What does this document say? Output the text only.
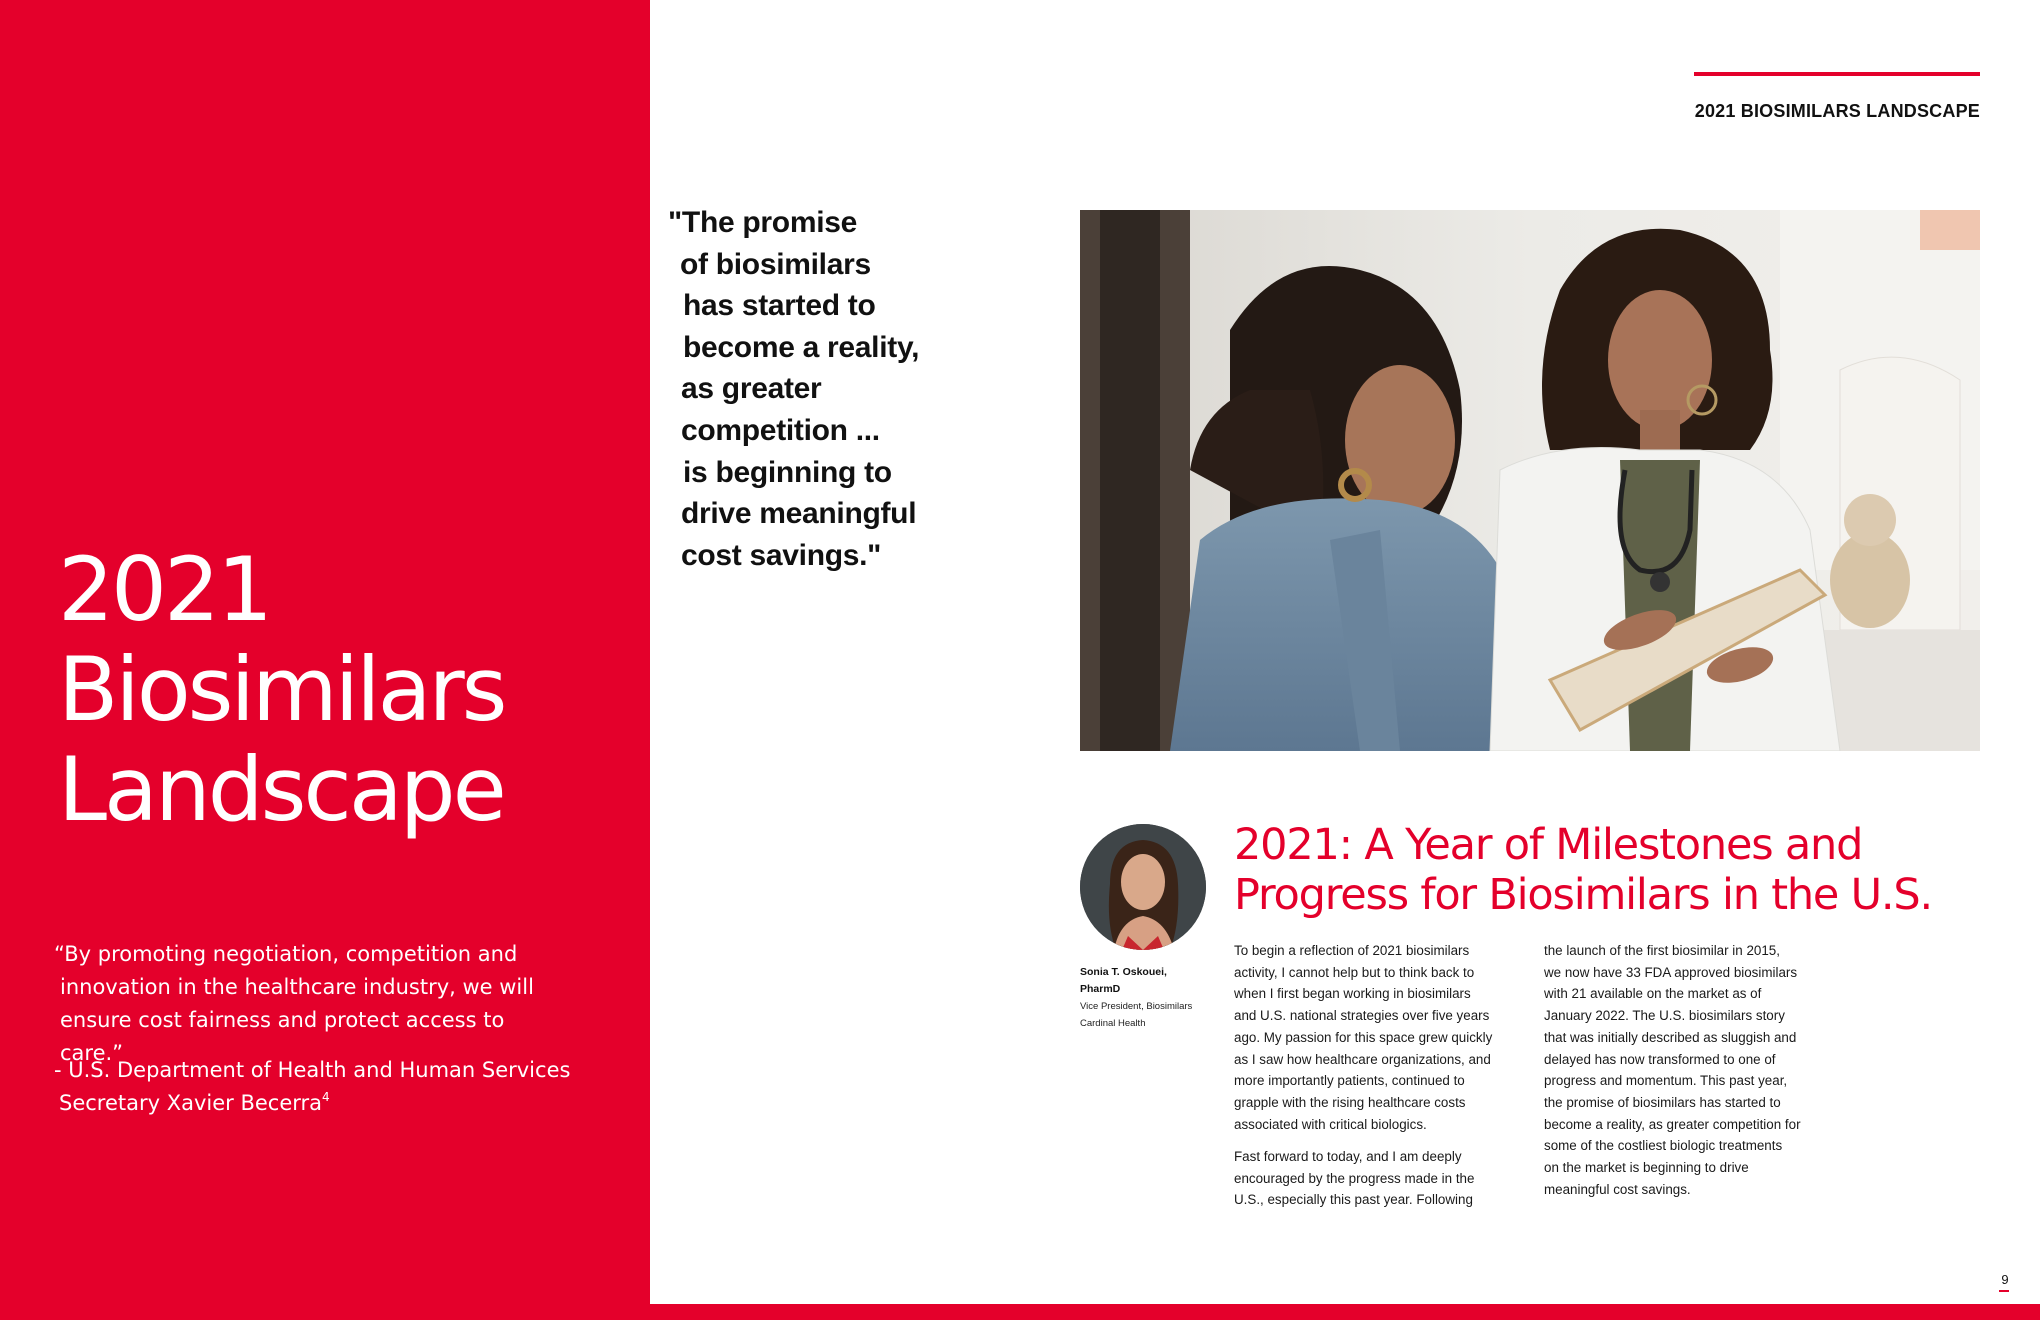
2021
Biosimilars
Landscape

“By promoting negotiation, competition and
innovation in the healthcare industry, we will
ensure cost fairness and protect access to care.”

- U.S. Department of Health and Human Services
Secretary Xavier Becerra$^4$
2021 BIOSIMILARS LANDSCAPE
"The promise
of biosimilars
has started to
become a reality,
as greater
competition ...
is beginning to
drive meaningful
cost savings."
Sonia T. Oskouei,
PharmD
Vice President, Biosimilars
Cardinal Health
2021: A Year of Milestones and
Progress for Biosimilars in the U.S.
To begin a reflection of 2021 biosimilars
activity, I cannot help but to think back to
when I first began working in biosimilars
and U.S. national strategies over five years
ago. My passion for this space grew quickly
as I saw how healthcare organizations, and
more importantly patients, continued to
grapple with the rising healthcare costs
associated with critical biologics.
Fast forward to today, and I am deeply
encouraged by the progress made in the
U.S., especially this past year. Following
the launch of the first biosimilar in 2015,
we now have 33 FDA approved biosimilars
with 21 available on the market as of
January 2022. The U.S. biosimilars story
that was initially described as sluggish and
delayed has now transformed to one of
progress and momentum. This past year,
the promise of biosimilars has started to
become a reality, as greater competition for
some of the costliest biologic treatments
on the market is beginning to drive
meaningful cost savings.
9
